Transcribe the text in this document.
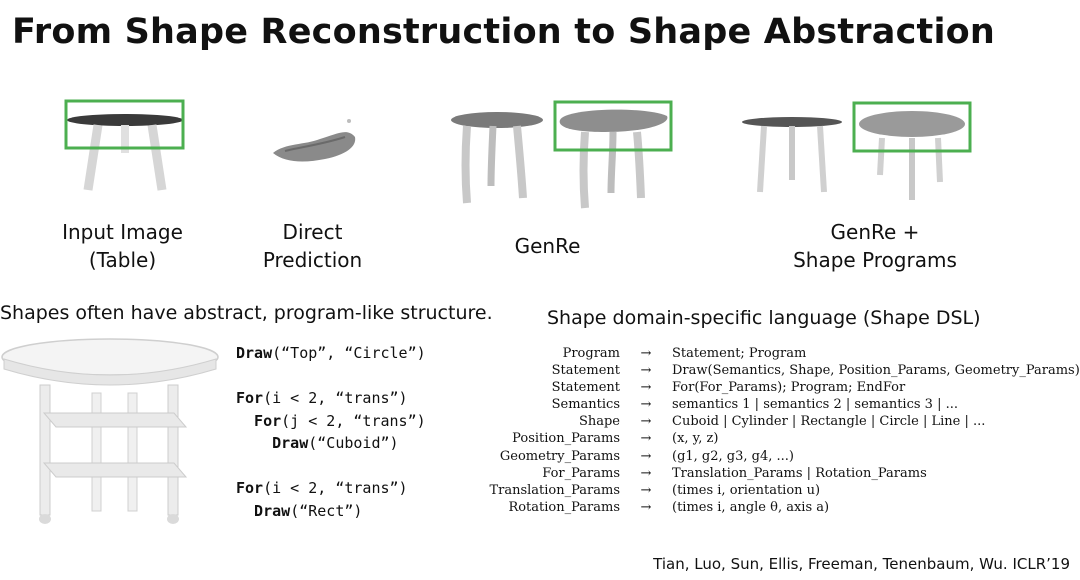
From Shape Reconstruction to Shape Abstraction
Input Image
(Table)
Direct
Prediction
GenRe
GenRe +
Shape Programs
Shapes often have abstract, program-like structure.
Draw(“Top”, “Circle”)
For(i < 2, “trans”)
For(j < 2, “trans”)
Draw(“Cuboid”)
For(i < 2, “trans”)
Draw(“Rect”)
Shape domain-specific language (Shape DSL)
Program	→	Statement; Program
Statement	→	Draw(Semantics, Shape, Position_Params, Geometry_Params)
Statement	→	For(For_Params); Program; EndFor
Semantics	→	semantics 1 | semantics 2 | semantics 3 | ...
Shape	→	Cuboid | Cylinder | Rectangle | Circle | Line | ...
Position_Params	→	(x, y, z)
Geometry_Params	→	(g1, g2, g3, g4, ...)
For_Params	→	Translation_Params | Rotation_Params
Translation_Params	→	(times i, orientation u)
Rotation_Params	→	(times i, angle θ, axis a)
Tian, Luo, Sun, Ellis, Freeman, Tenenbaum, Wu. ICLR’19
